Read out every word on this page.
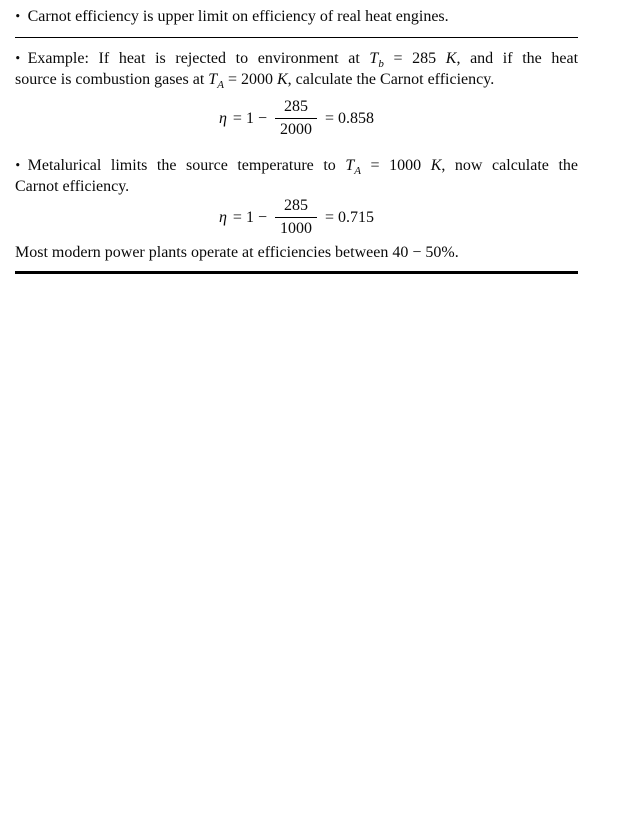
• Carnot efficiency is upper limit on efficiency of real heat engines.
• Example: If heat is rejected to environment at $T_b = 285$ K, and if the heat
source is combustion gases at $T_A = 2000$ K, calculate the Carnot efficiency.
$\eta = 1 - \frac{285}{2000} = 0.858$
• Metalurical limits the source temperature to $T_A = 1000$ K, now calculate the
Carnot efficiency.
$\eta = 1 - \frac{285}{1000} = 0.715$
Most modern power plants operate at efficiencies between 40 − 50%.
